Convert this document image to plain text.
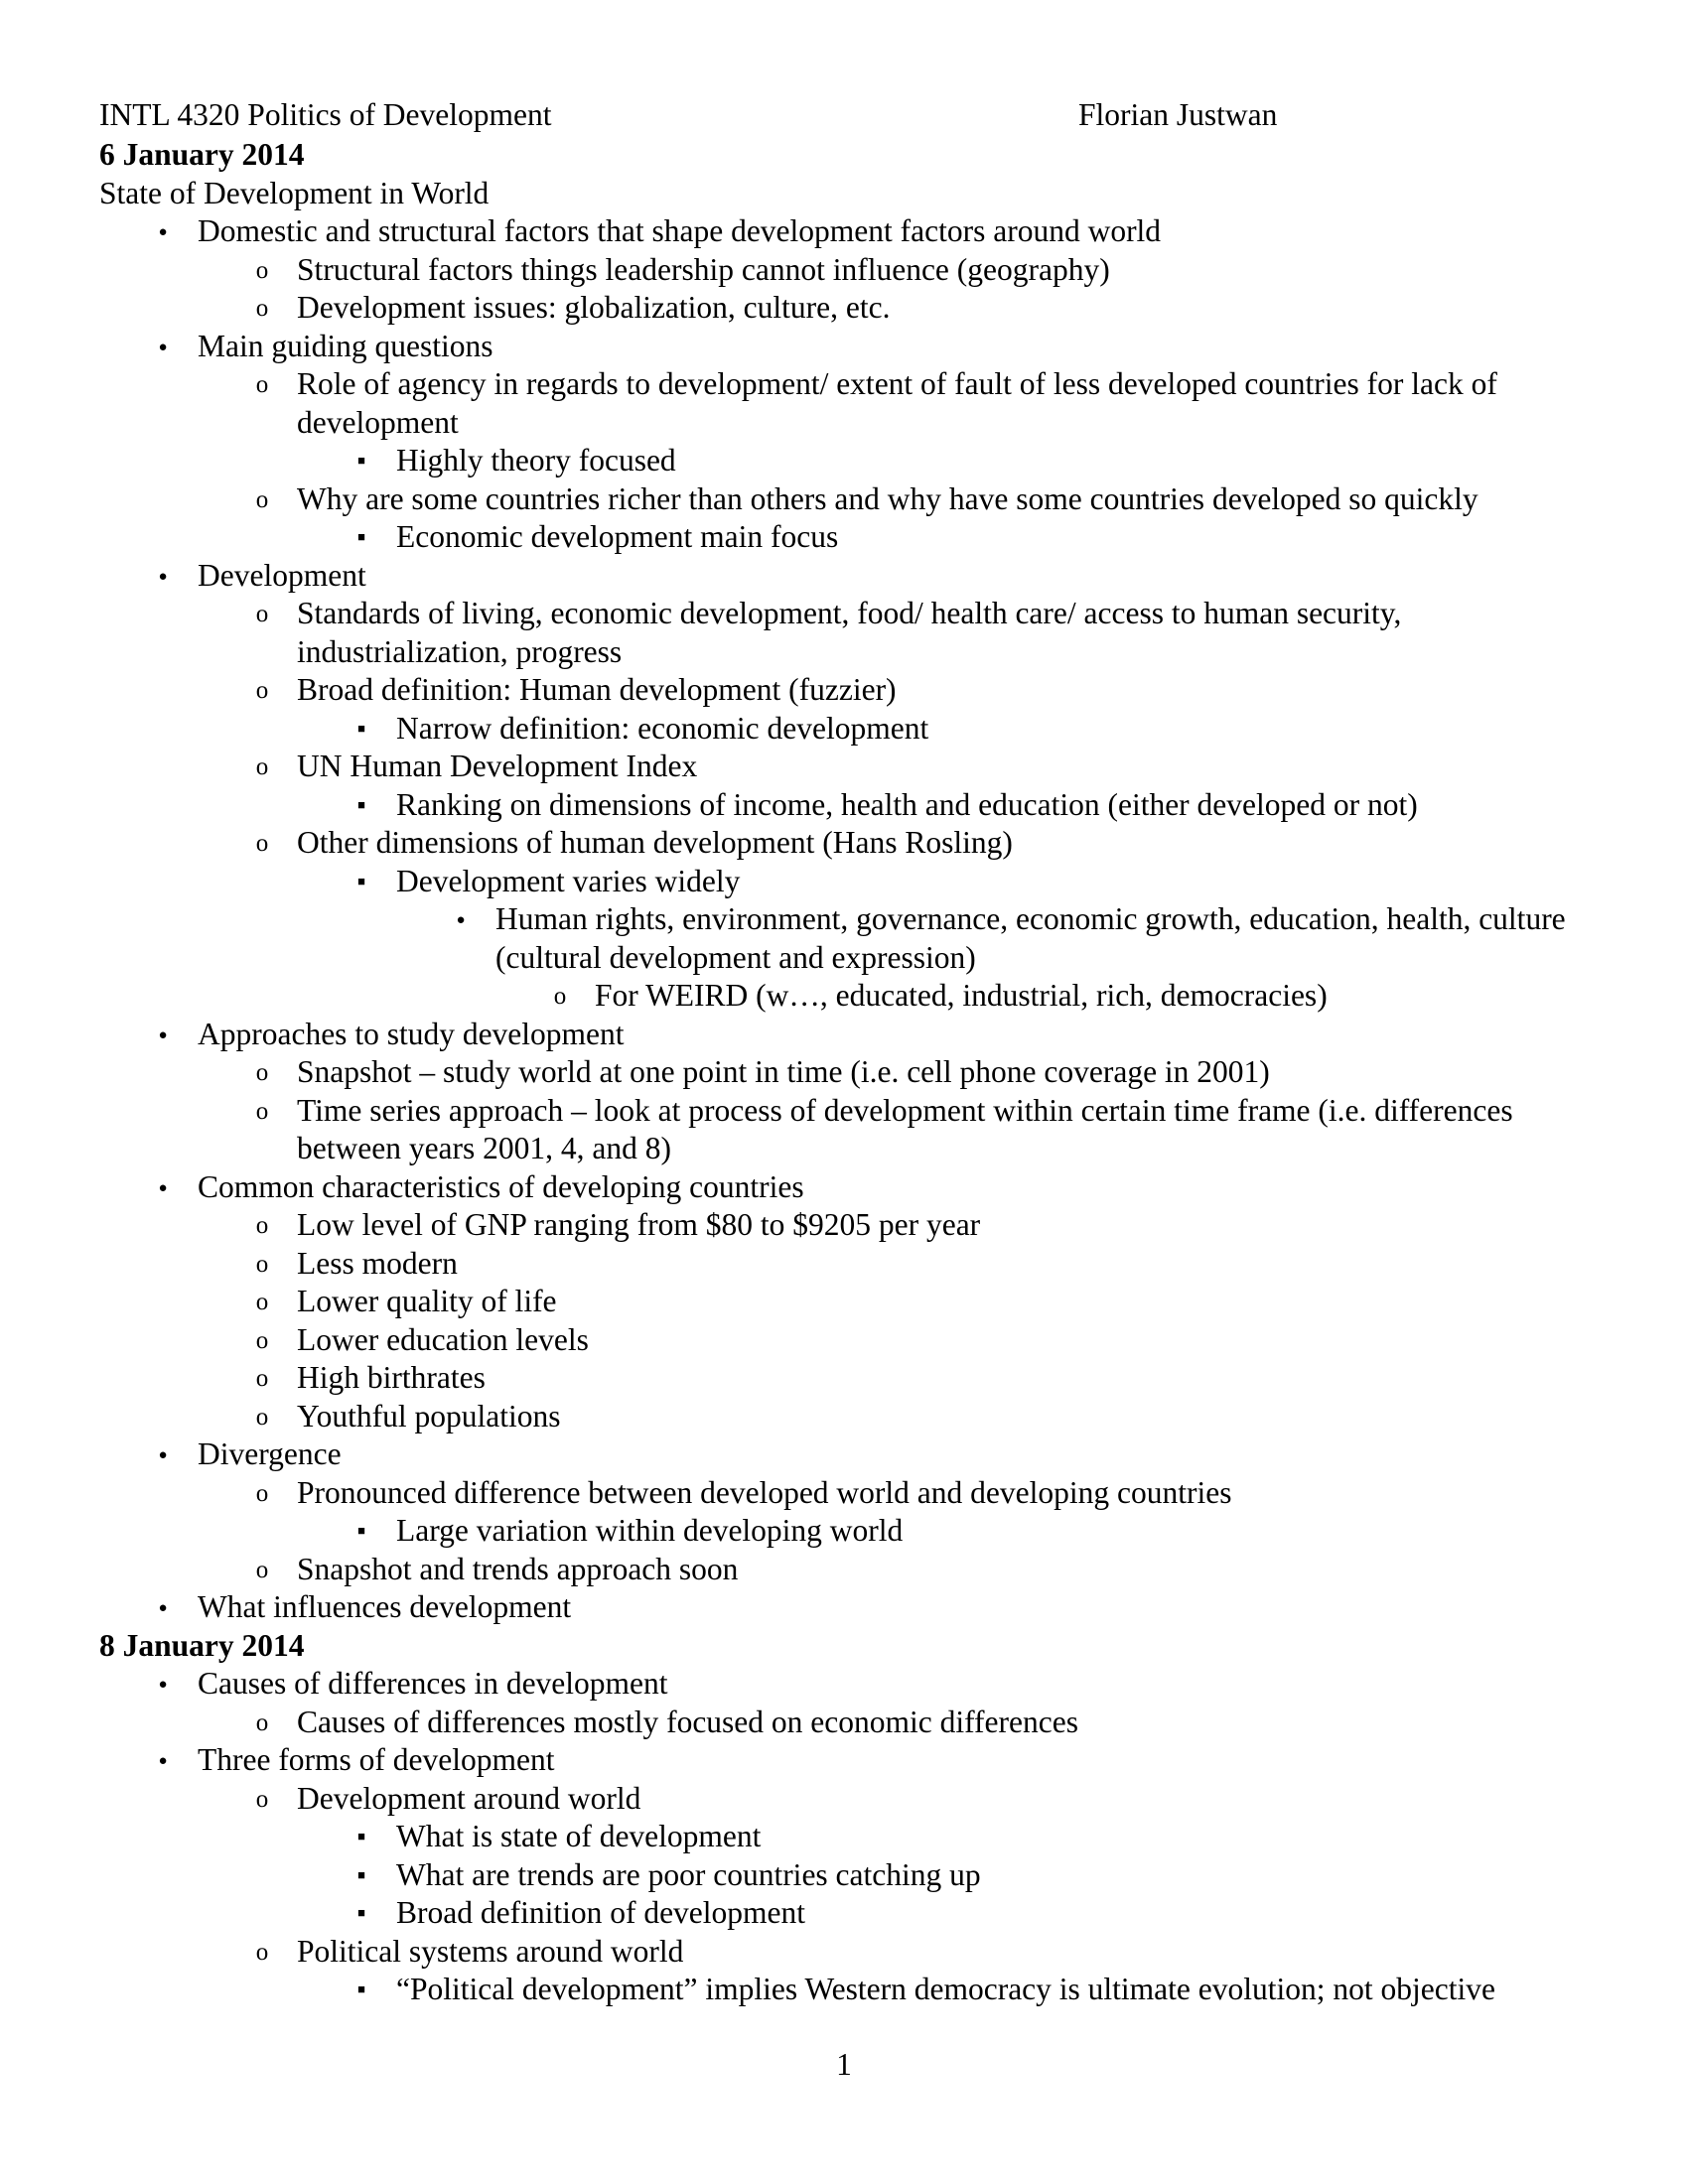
INTL 4320 Politics of Development	Florian Justwan
6 January 2014
State of Development in World
●
Domestic and structural factors that shape development factors around world
o
Structural factors things leadership cannot influence (geography)
o
Development issues: globalization, culture, etc.
●
Main guiding questions
o
Role of agency in regards to development/ extent of fault of less developed countries for lack of development
■
Highly theory focused
o
Why are some countries richer than others and why have some countries developed so quickly
■
Economic development main focus
●
Development
o
Standards of living, economic development, food/ health care/ access to human security, industrialization, progress
o
Broad definition: Human development (fuzzier)
■
Narrow definition: economic development
o
UN Human Development Index
■
Ranking on dimensions of income, health and education (either developed or not)
o
Other dimensions of human development (Hans Rosling)
■
Development varies widely
●
Human rights, environment, governance, economic growth, education, health, culture (cultural development and expression)
o
For WEIRD (w…, educated, industrial, rich, democracies)
●
Approaches to study development
o
Snapshot – study world at one point in time (i.e. cell phone coverage in 2001)
o
Time series approach – look at process of development within certain time frame (i.e. differences between years 2001, 4, and 8)
●
Common characteristics of developing countries
o
Low level of GNP ranging from $80 to $9205 per year
o
Less modern
o
Lower quality of life
o
Lower education levels
o
High birthrates
o
Youthful populations
●
Divergence
o
Pronounced difference between developed world and developing countries
■
Large variation within developing world
o
Snapshot and trends approach soon
●
What influences development
8 January 2014
●
Causes of differences in development
o
Causes of differences mostly focused on economic differences
●
Three forms of development
o
Development around world
■
What is state of development
■
What are trends are poor countries catching up
■
Broad definition of development
o
Political systems around world
■
“Political development” implies Western democracy is ultimate evolution; not objective
1
